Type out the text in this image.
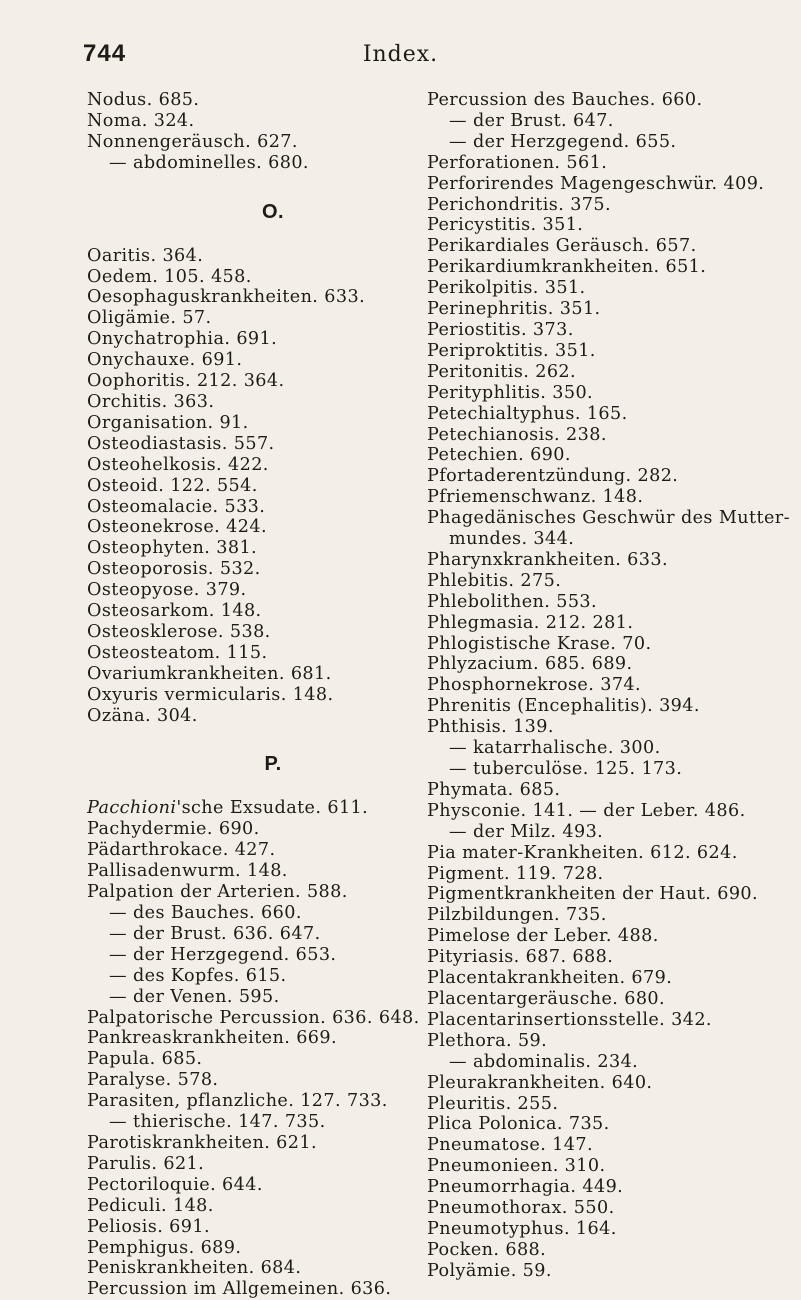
744	Index.
Nodus. 685.
Noma. 324.
Nonnengeräusch. 627.
— abdominelles. 680.
O.
Oaritis. 364.
Oedem. 105. 458.
Oesophaguskrankheiten. 633.
Oligämie. 57.
Onychatrophia. 691.
Onychauxe. 691.
Oophoritis. 212. 364.
Orchitis. 363.
Organisation. 91.
Osteodiastasis. 557.
Osteohelkosis. 422.
Osteoid. 122. 554.
Osteomalacie. 533.
Osteonekrose. 424.
Osteophyten. 381.
Osteoporosis. 532.
Osteopyose. 379.
Osteosarkom. 148.
Osteosklerose. 538.
Osteosteatom. 115.
Ovariumkrankheiten. 681.
Oxyuris vermicularis. 148.
Ozäna. 304.
P.
Pacchioni'sche Exsudate. 611.
Pachydermie. 690.
Pädarthrokace. 427.
Pallisadenwurm. 148.
Palpation der Arterien. 588.
— des Bauches. 660.
— der Brust. 636. 647.
— der Herzgegend. 653.
— des Kopfes. 615.
— der Venen. 595.
Palpatorische Percussion. 636. 648.
Pankreaskrankheiten. 669.
Papula. 685.
Paralyse. 578.
Parasiten, pflanzliche. 127. 733.
— thierische. 147. 735.
Parotiskrankheiten. 621.
Parulis. 621.
Pectoriloquie. 644.
Pediculi. 148.
Peliosis. 691.
Pemphigus. 689.
Peniskrankheiten. 684.
Percussion im Allgemeinen. 636.
Percussion des Bauches. 660.
— der Brust. 647.
— der Herzgegend. 655.
Perforationen. 561.
Perforirendes Magengeschwür. 409.
Perichondritis. 375.
Pericystitis. 351.
Perikardiales Geräusch. 657.
Perikardiumkrankheiten. 651.
Perikolpitis. 351.
Perinephritis. 351.
Periostitis. 373.
Periproktitis. 351.
Peritonitis. 262.
Perityphlitis. 350.
Petechialtyphus. 165.
Petechianosis. 238.
Petechien. 690.
Pfortaderentzündung. 282.
Pfriemenschwanz. 148.
Phagedänisches Geschwür des Mutter-mundes. 344.
Pharynxkrankheiten. 633.
Phlebitis. 275.
Phlebolithen. 553.
Phlegmasia. 212. 281.
Phlogistische Krase. 70.
Phlyzacium. 685. 689.
Phosphornekrose. 374.
Phrenitis (Encephalitis). 394.
Phthisis. 139.
— katarrhalische. 300.
— tuberculöse. 125. 173.
Phymata. 685.
Physconie. 141. — der Leber. 486.
— der Milz. 493.
Pia mater-Krankheiten. 612. 624.
Pigment. 119. 728.
Pigmentkrankheiten der Haut. 690.
Pilzbildungen. 735.
Pimelose der Leber. 488.
Pityriasis. 687. 688.
Placentakrankheiten. 679.
Placentargeräusche. 680.
Placentarinsertionsstelle. 342.
Plethora. 59.
— abdominalis. 234.
Pleurakrankheiten. 640.
Pleuritis. 255.
Plica Polonica. 735.
Pneumatose. 147.
Pneumonieen. 310.
Pneumorrhagia. 449.
Pneumothorax. 550.
Pneumotyphus. 164.
Pocken. 688.
Polyämie. 59.
